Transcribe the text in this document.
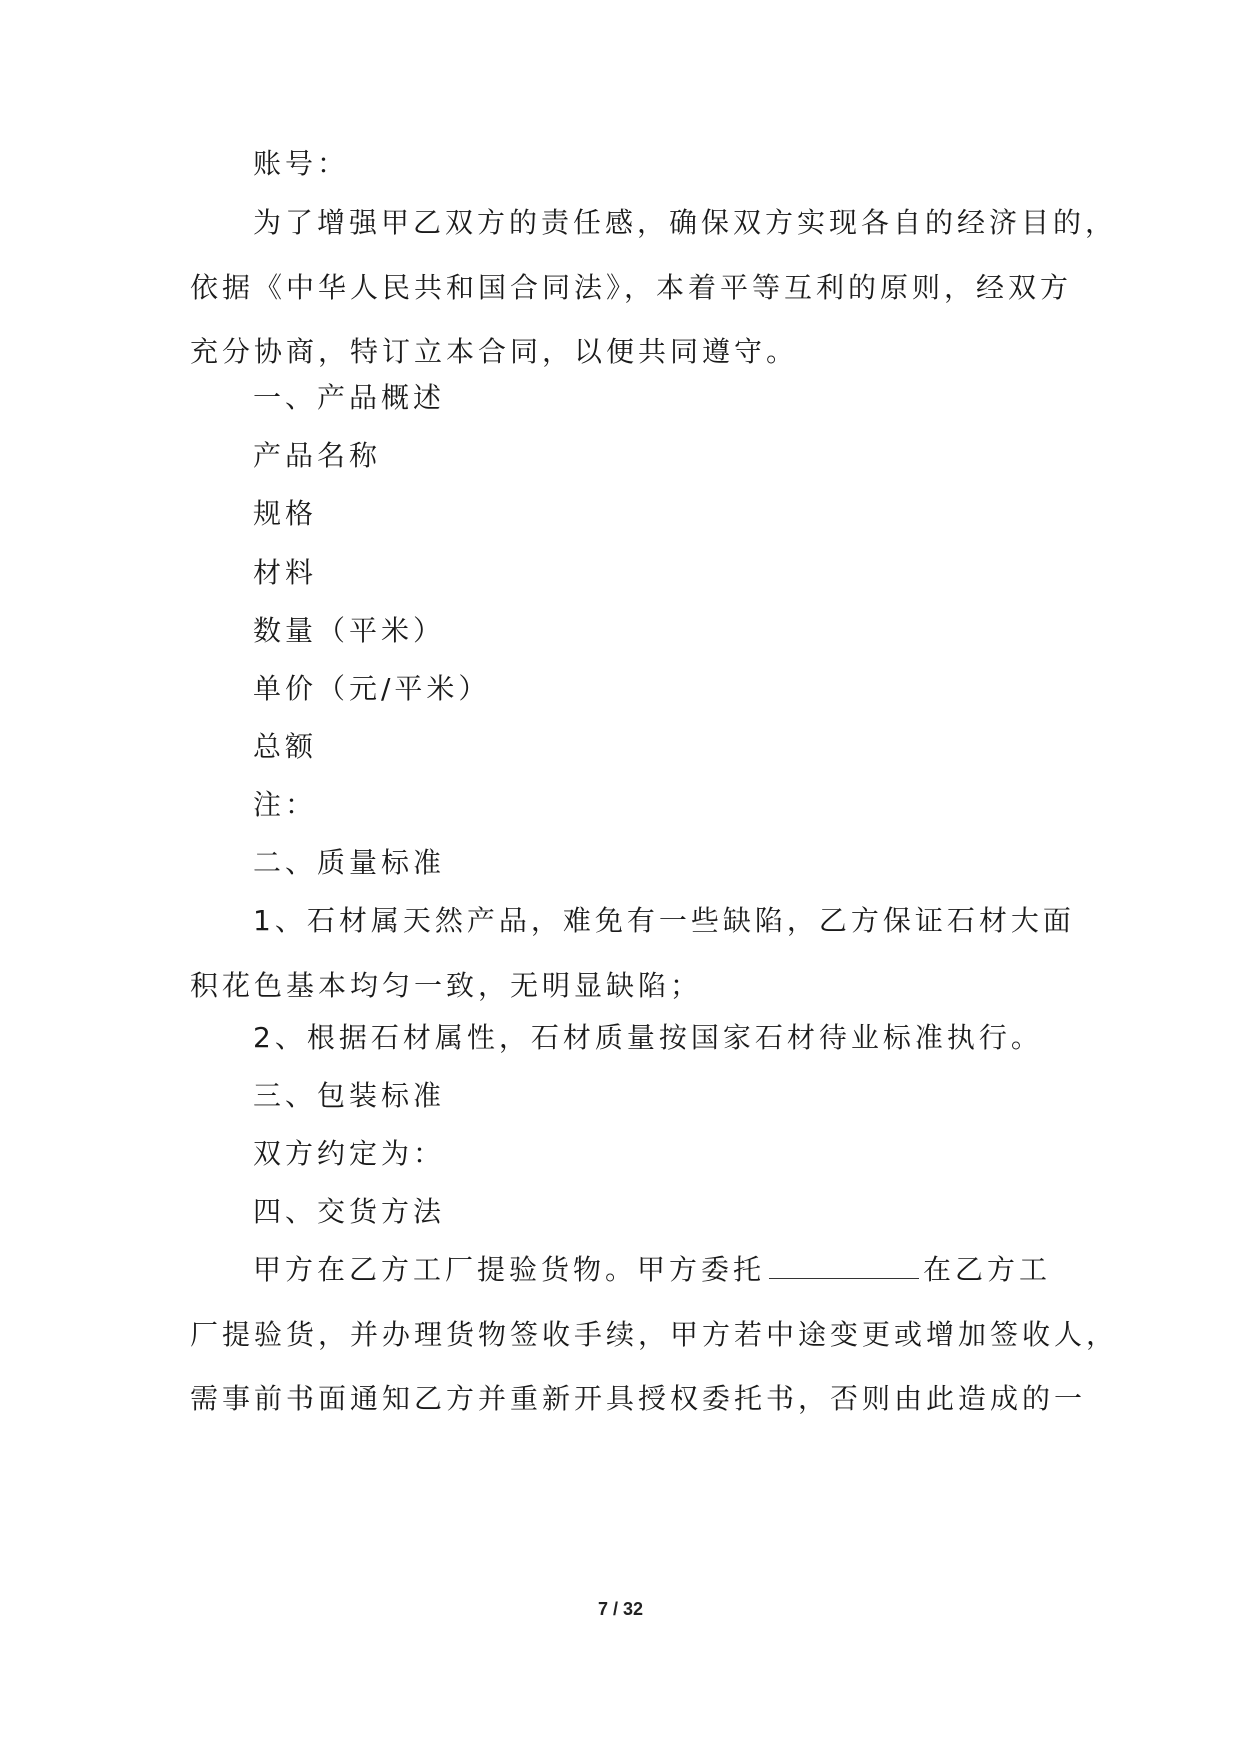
账号：
为了增强甲乙双方的责任感，确保双方实现各自的经济目的，
依据《中华人民共和国合同法》，本着平等互利的原则，经双方
充分协商，特订立本合同，以便共同遵守。
一、产品概述
产品名称
规格
材料
数量（平米）
单价（元/平米）
总额
注：
二、质量标准
1、石材属天然产品，难免有一些缺陷，乙方保证石材大面
积花色基本均匀一致，无明显缺陷；
2、根据石材属性，石材质量按国家石材待业标准执行。
三、包装标准
双方约定为：
四、交货方法
甲方在乙方工厂提验货物。甲方委托	在乙方工
厂提验货，并办理货物签收手续，甲方若中途变更或增加签收人，
需事前书面通知乙方并重新开具授权委托书，否则由此造成的一
7 / 32
